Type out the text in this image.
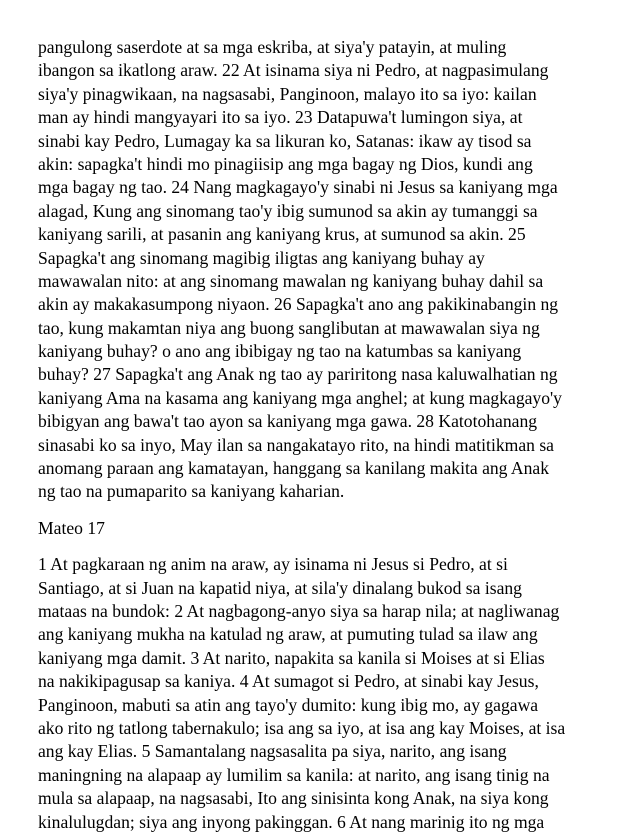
pangulong saserdote at sa mga eskriba, at siya'y patayin, at muling
ibangon sa ikatlong araw. 22 At isinama siya ni Pedro, at nagpasimulang
siya'y pinagwikaan, na nagsasabi, Panginoon, malayo ito sa iyo: kailan
man ay hindi mangyayari ito sa iyo. 23 Datapuwa't lumingon siya, at
sinabi kay Pedro, Lumagay ka sa likuran ko, Satanas: ikaw ay tisod sa
akin: sapagka't hindi mo pinagiisip ang mga bagay ng Dios, kundi ang
mga bagay ng tao. 24 Nang magkagayo'y sinabi ni Jesus sa kaniyang mga
alagad, Kung ang sinomang tao'y ibig sumunod sa akin ay tumanggi sa
kaniyang sarili, at pasanin ang kaniyang krus, at sumunod sa akin. 25
Sapagka't ang sinomang magibig iligtas ang kaniyang buhay ay
mawawalan nito: at ang sinomang mawalan ng kaniyang buhay dahil sa
akin ay makakasumpong niyaon. 26 Sapagka't ano ang pakikinabangin ng
tao, kung makamtan niya ang buong sanglibutan at mawawalan siya ng
kaniyang buhay? o ano ang ibibigay ng tao na katumbas sa kaniyang
buhay? 27 Sapagka't ang Anak ng tao ay pariritong nasa kaluwalhatian ng
kaniyang Ama na kasama ang kaniyang mga anghel; at kung magkagayo'y
bibigyan ang bawa't tao ayon sa kaniyang mga gawa. 28 Katotohanang
sinasabi ko sa inyo, May ilan sa nangakatayo rito, na hindi matitikman sa
anomang paraan ang kamatayan, hanggang sa kanilang makita ang Anak
ng tao na pumaparito sa kaniyang kaharian.
Mateo 17
1 At pagkaraan ng anim na araw, ay isinama ni Jesus si Pedro, at si
Santiago, at si Juan na kapatid niya, at sila'y dinalang bukod sa isang
mataas na bundok: 2 At nagbagong-anyo siya sa harap nila; at nagliwanag
ang kaniyang mukha na katulad ng araw, at pumuting tulad sa ilaw ang
kaniyang mga damit. 3 At narito, napakita sa kanila si Moises at si Elias
na nakikipagusap sa kaniya. 4 At sumagot si Pedro, at sinabi kay Jesus,
Panginoon, mabuti sa atin ang tayo'y dumito: kung ibig mo, ay gagawa
ako rito ng tatlong tabernakulo; isa ang sa iyo, at isa ang kay Moises, at isa
ang kay Elias. 5 Samantalang nagsasalita pa siya, narito, ang isang
maningning na alapaap ay lumilim sa kanila: at narito, ang isang tinig na
mula sa alapaap, na nagsasabi, Ito ang sinisinta kong Anak, na siya kong
kinalulugdan; siya ang inyong pakinggan. 6 At nang marinig ito ng mga
